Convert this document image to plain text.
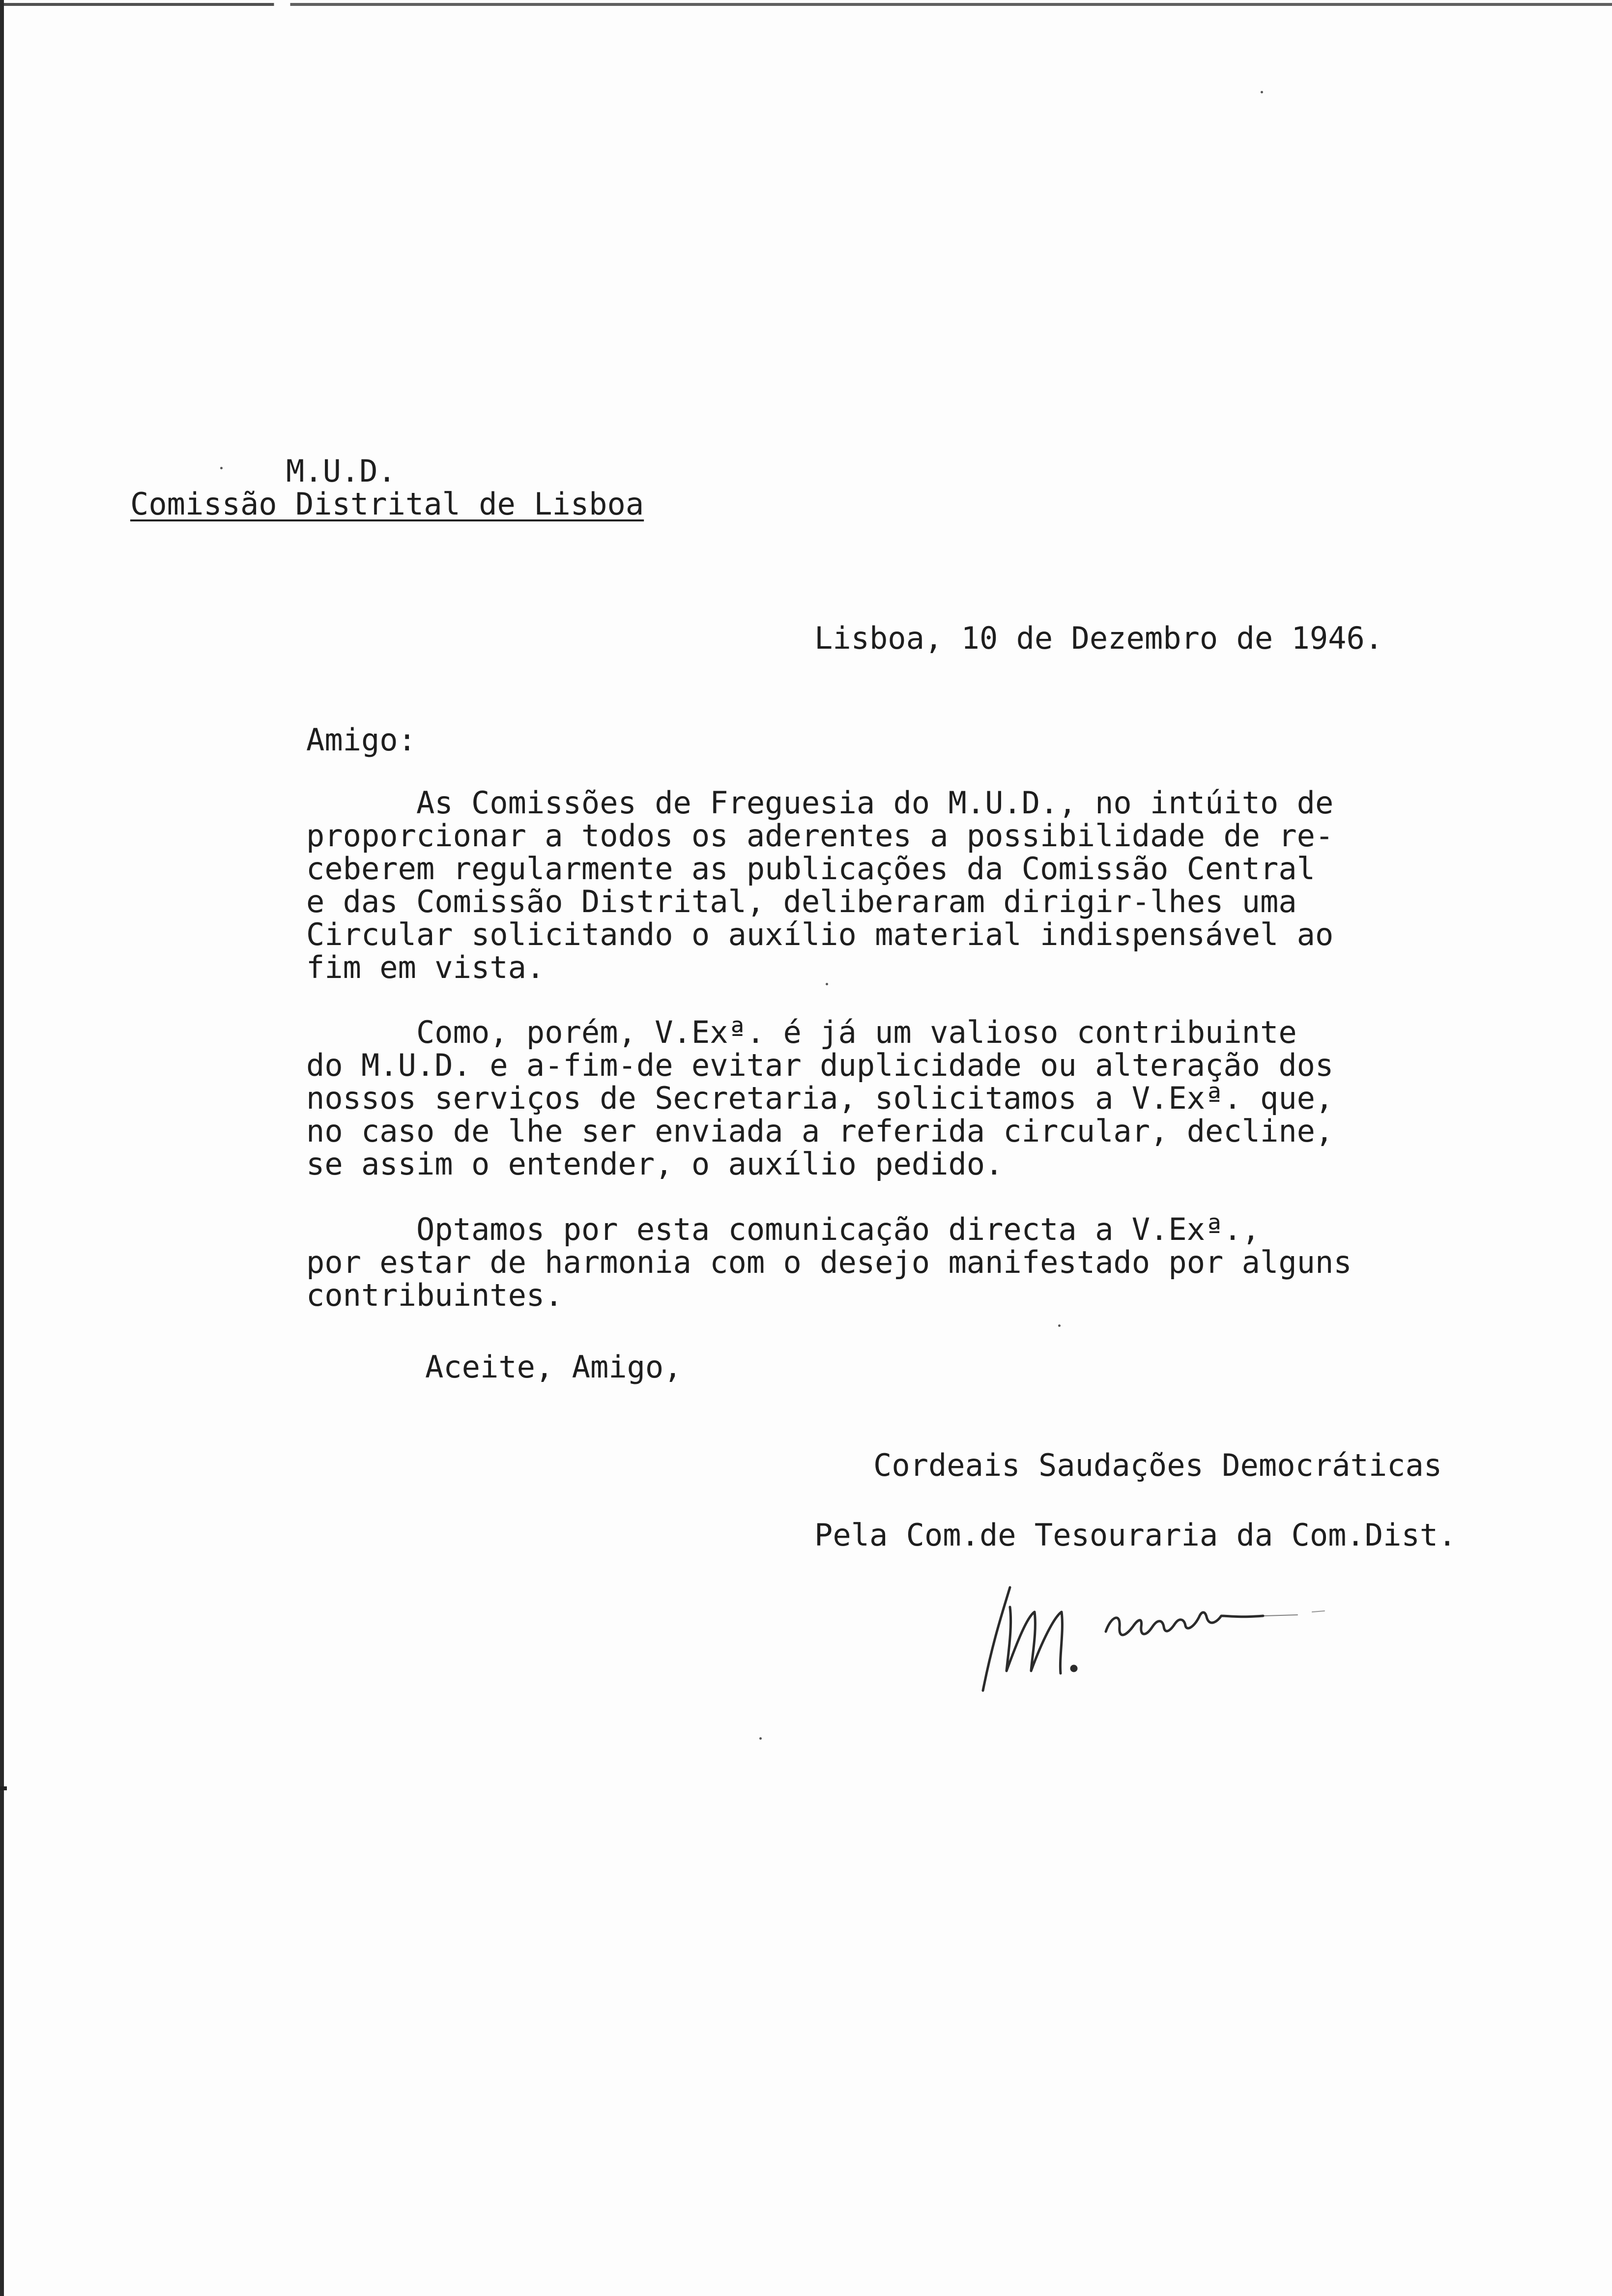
M.U.D.
Comissão Distrital de Lisboa
Lisboa, 10 de Dezembro de 1946.
Amigo:
As Comissões de Freguesia do M.U.D., no intúito de
proporcionar a todos os aderentes a possibilidade de re-
ceberem regularmente as publicações da Comissão Central
e das Comissão Distrital, deliberaram dirigir-lhes uma
Circular solicitando o auxílio material indispensável ao
fim em vista.
Como, porém, V.Exª. é já um valioso contribuinte
do M.U.D. e a-fim-de evitar duplicidade ou alteração dos
nossos serviços de Secretaria, solicitamos a V.Exª. que,
no caso de lhe ser enviada a referida circular, decline,
se assim o entender, o auxílio pedido.
Optamos por esta comunicação directa a V.Exª.,
por estar de harmonia com o desejo manifestado por alguns
contribuintes.
Aceite, Amigo,
Cordeais Saudações Democráticas
Pela Com.de Tesouraria da Com.Dist.
